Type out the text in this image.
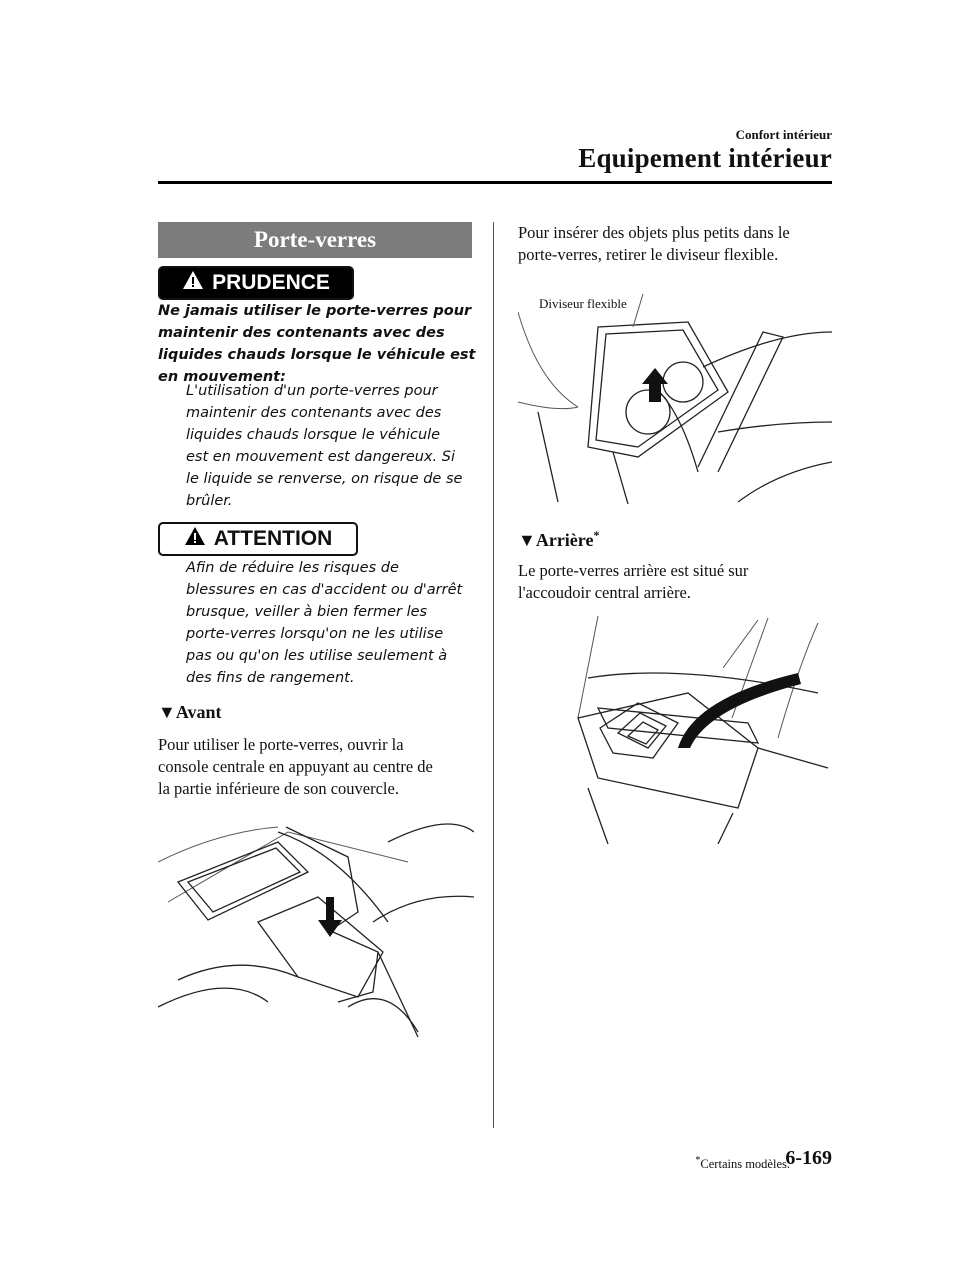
Confort intérieur
Equipement intérieur
Porte-verres
PRUDENCE
Ne jamais utiliser le porte-verres pour
maintenir des contenants avec des
liquides chauds lorsque le véhicule est
en mouvement:
L'utilisation d'un porte-verres pour
maintenir des contenants avec des
liquides chauds lorsque le véhicule
est en mouvement est dangereux. Si
le liquide se renverse, on risque de se
brûler.
ATTENTION
Afin de réduire les risques de
blessures en cas d'accident ou d'arrêt
brusque, veiller à bien fermer les
porte-verres lorsqu'on ne les utilise
pas ou qu'on les utilise seulement à
des fins de rangement.
▼Avant
Pour utiliser le porte-verres, ouvrir la
console centrale en appuyant au centre de
la partie inférieure de son couvercle.
Pour insérer des objets plus petits dans le
porte-verres, retirer le diviseur flexible.
Diviseur flexible
▼Arrière*
Le porte-verres arrière est situé sur
l'accoudoir central arrière.
*Certains modèles.
6-169
